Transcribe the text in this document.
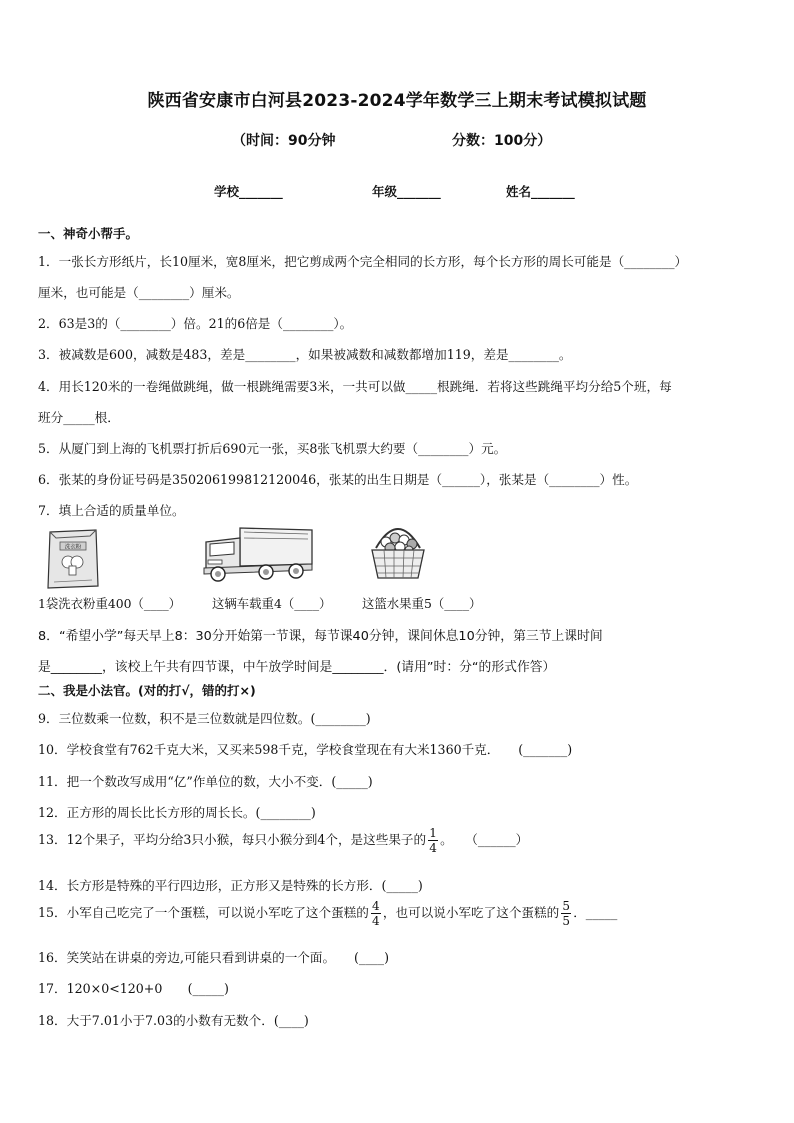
陕西省安康市白河县2023-2024学年数学三上期末考试模拟试题
（时间：90分钟	分数：100分）
学校_______	年级_______	姓名_______
一、神奇小帮手。
1．一张长方形纸片，长10厘米，宽8厘米，把它剪成两个完全相同的长方形，每个长方形的周长可能是（________）
厘米，也可能是（________）厘米。
2．63是3的（________）倍。21的6倍是（________）。
3．被减数是600，减数是483，差是________，如果被减数和减数都增加119，差是________。
4．用长120米的一卷绳做跳绳，做一根跳绳需要3米，一共可以做_____根跳绳．若将这些跳绳平均分给5个班，每
班分_____根．
5．从厦门到上海的飞机票打折后690元一张，买8张飞机票大约要（________）元。
6．张某的身份证号码是350206199812120046，张某的出生日期是（______），张某是（________）性。
7．填上合适的质量单位。
洗衣粉
1袋洗衣粉重400（____） 这辆车载重4（____） 这篮水果重5（____）
8．“希望小学”每天早上8：30分开始第一节课，每节课40分钟，课间休息10分钟，第三节上课时间
是________，该校上午共有四节课，中午放学时间是________．(请用”时：分“的形式作答）
二、我是小法官。(对的打√，错的打×)
9．三位数乘一位数，积不是三位数就是四位数。(________)
10．学校食堂有762千克大米，又买来598千克，学校食堂现在有大米1360千克．　　(_______)
11．把一个数改写成用“亿”作单位的数，大小不变．(_____)
12．正方形的周长比长方形的周长长。(________)
13．12个果子，平均分给3只小猴，每只小猴分到4个，是这些果子的 $\frac{1}{4}$ 。　　（______）
14．长方形是特殊的平行四边形，正方形又是特殊的长方形．(_____)
15．小军自己吃完了一个蛋糕，可以说小军吃了这个蛋糕的 $\frac{4}{4}$ ，也可以说小军吃了这个蛋糕的 $\frac{5}{5}$ ．_____
16．笑笑站在讲桌的旁边,可能只看到讲桌的一个面。　　(____)
17．120×0<120+0　　(_____)
18．大于7.01小于7.03的小数有无数个．(____)
